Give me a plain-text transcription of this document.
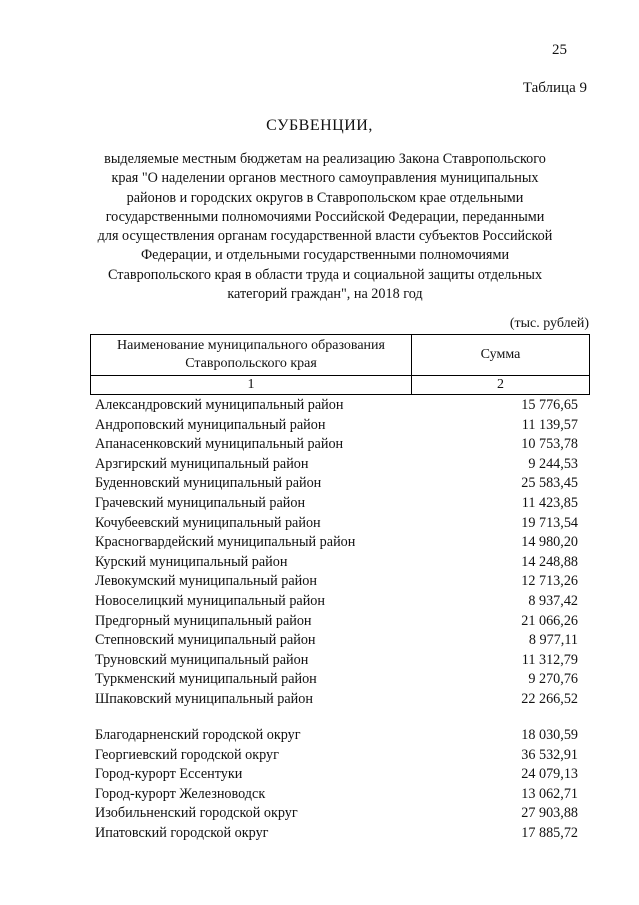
25
Таблица 9
СУБВЕНЦИИ,
выделяемые местным бюджетам на реализацию Закона Ставропольского
края "О наделении органов местного самоуправления муниципальных
районов и городских округов в Ставропольском крае отдельными
государственными полномочиями Российской Федерации, переданными
для осуществления органам государственной власти субъектов Российской
Федерации, и отдельными государственными полномочиями
Ставропольского края в области труда и социальной защиты отдельных
категорий граждан", на 2018 год
(тыс. рублей)
Наименование муниципального образования
Ставропольского края	Сумма
1	2
Александровский муниципальный район	15 776,65
Андроповский муниципальный район	11 139,57
Апанасенковский муниципальный район	10 753,78
Арзгирский муниципальный район	9 244,53
Буденновский муниципальный район	25 583,45
Грачевский муниципальный район	11 423,85
Кочубеевский муниципальный район	19 713,54
Красногвардейский муниципальный район	14 980,20
Курский муниципальный район	14 248,88
Левокумский муниципальный район	12 713,26
Новоселицкий муниципальный район	8 937,42
Предгорный муниципальный район	21 066,26
Степновский муниципальный район	8 977,11
Труновский муниципальный район	11 312,79
Туркменский муниципальный район	9 270,76
Шпаковский муниципальный район	22 266,52
Благодарненский городской округ	18 030,59
Георгиевский городской округ	36 532,91
Город-курорт Ессентуки	24 079,13
Город-курорт Железноводск	13 062,71
Изобильненский городской округ	27 903,88
Ипатовский городской округ	17 885,72
